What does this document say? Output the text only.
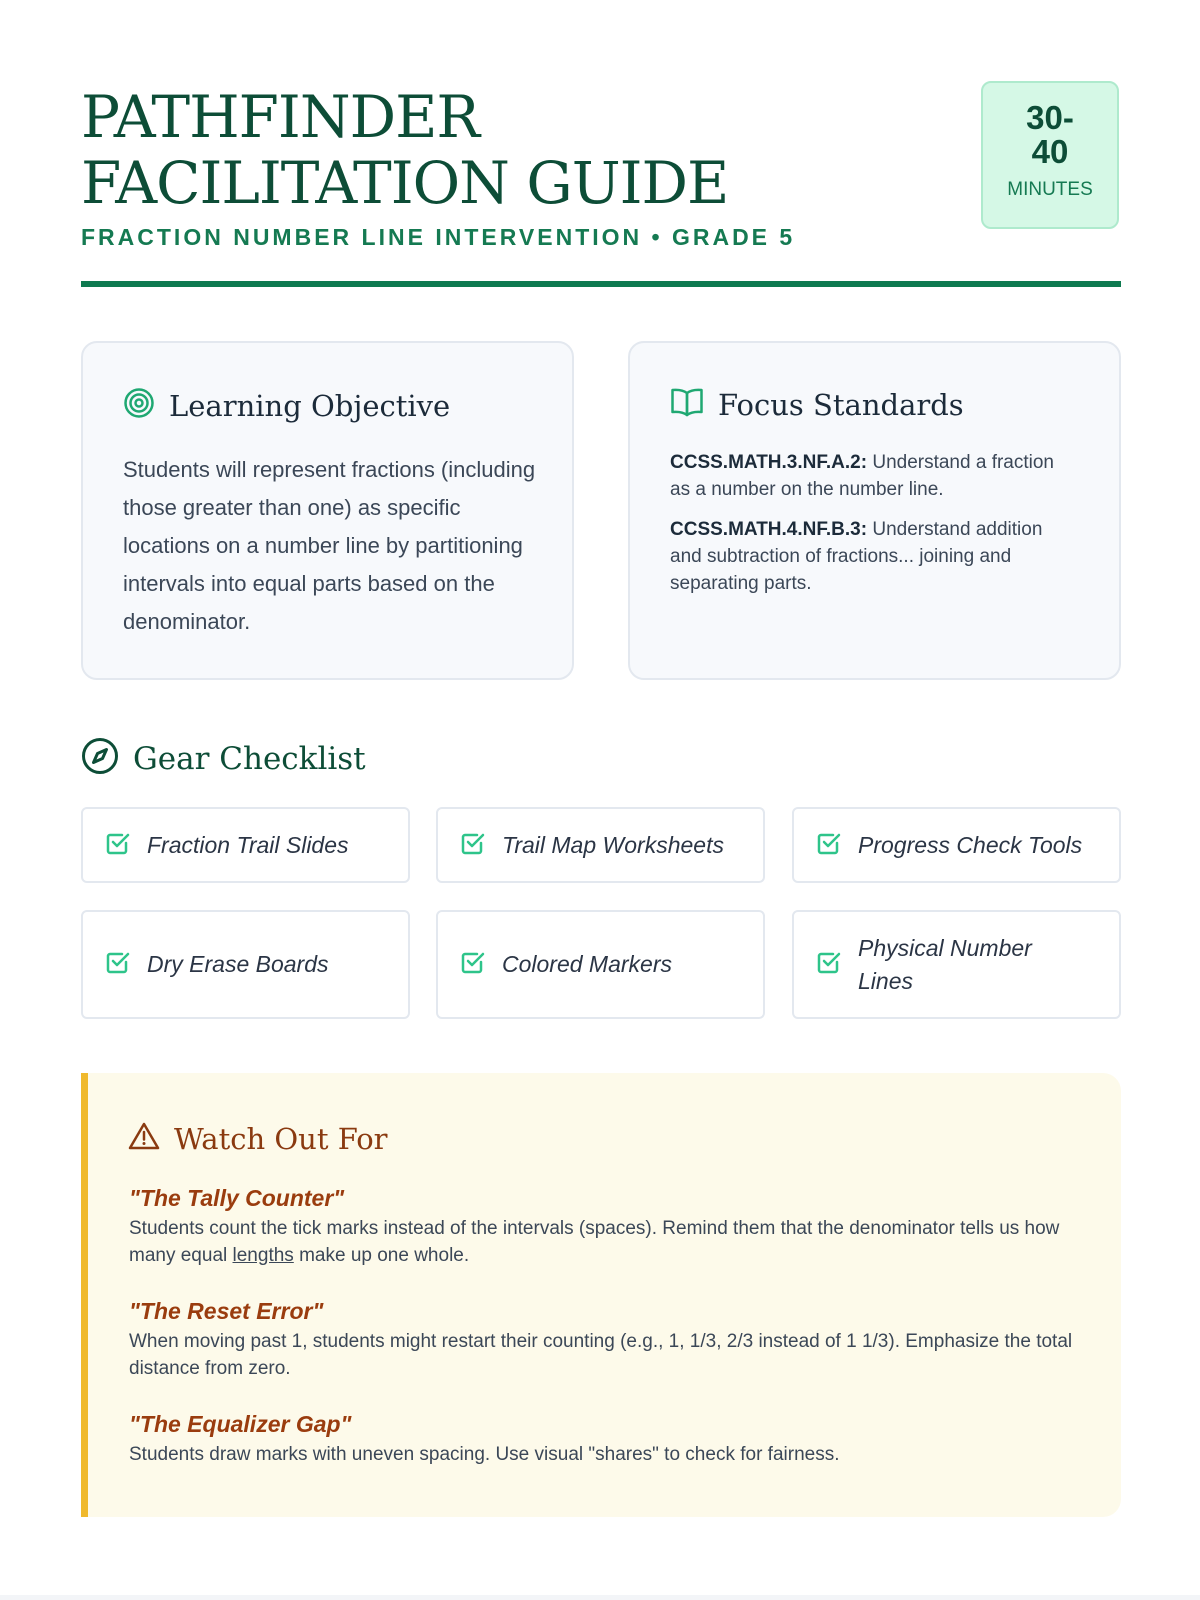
PATHFINDER FACILITATION GUIDE
FRACTION NUMBER LINE INTERVENTION • GRADE 5
30-40
MINUTES
Learning Objective
Students will represent fractions (including those greater than one) as specific locations on a number line by partitioning intervals into equal parts based on the denominator.
Focus Standards
CCSS.MATH.3.NF.A.2: Understand a fraction as a number on the number line.
CCSS.MATH.4.NF.B.3: Understand addition and subtraction of fractions... joining and separating parts.
Gear Checklist
Fraction Trail Slides	Trail Map Worksheets	Progress Check Tools
Dry Erase Boards	Colored Markers
Physical Number Lines
Watch Out For
"The Tally Counter"
Students count the tick marks instead of the intervals (spaces). Remind them that the denominator tells us how many equal lengths make up one whole.
"The Reset Error"
When moving past 1, students might restart their counting (e.g., 1, 1/3, 2/3 instead of 1 1/3). Emphasize the total distance from zero.
"The Equalizer Gap"
Students draw marks with uneven spacing. Use visual "shares" to check for fairness.
